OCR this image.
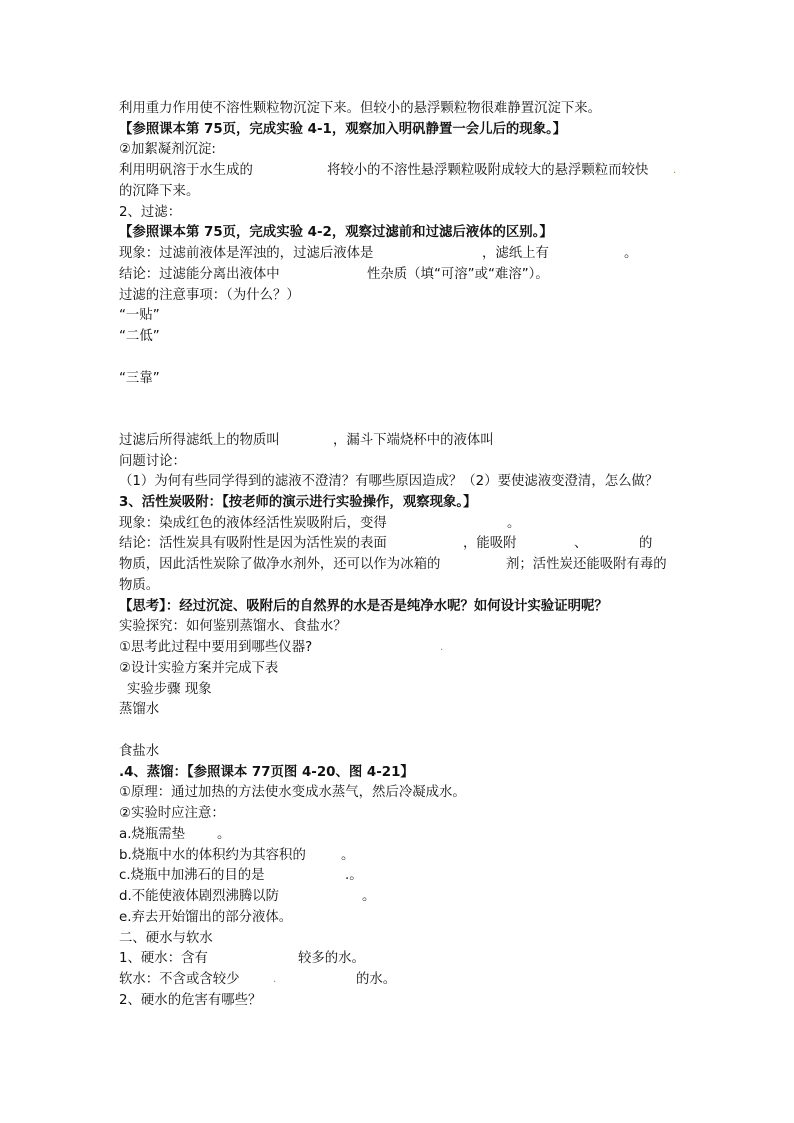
利用重力作用使不溶性颗粒物沉淀下来。但较小的悬浮颗粒物很难静置沉淀下来。
【参照课本第 75页，完成实验 4-1，观察加入明矾静置一会儿后的现象。】
②加絮凝剂沉淀:
利用明矾溶于水生成的	将较小的不溶性悬浮颗粒吸附成较大的悬浮颗粒而较快 .
的沉降下来。
2、过滤：
【参照课本第 75页，完成实验 4-2，观察过滤前和过滤后液体的区别。】
现象：过滤前液体是浑浊的，过滤后液体是	，滤纸上有	。
结论：过滤能分离出液体中	性杂质（填“可溶”或“难溶”）。
过滤的注意事项：（为什么？）
“一贴”
“二低”
“三靠”
过滤后所得滤纸上的物质叫	，漏斗下端烧杯中的液体叫
问题讨论：
（1）为何有些同学得到的滤液不澄清？有哪些原因造成？（2）要使滤液变澄清，怎么做？
3、活性炭吸附：【按老师的演示进行实验操作，观察现象。】
现象：染成红色的液体经活性炭吸附后，变得	。
结论：活性炭具有吸附性是因为活性炭的表面	，能吸附	、	的
物质，因此活性炭除了做净水剂外，还可以作为冰箱的	剂；活性炭还能吸附有毒的
物质。
【思考】：经过沉淀、吸附后的自然界的水是否是纯净水呢？如何设计实验证明呢？
实验探究：如何鉴别蒸馏水、食盐水？
①思考此过程中要用到哪些仪器?	.
②设计实验方案并完成下表
实验步骤 现象
蒸馏水
食盐水
.4、蒸馏：【参照课本 77页图 4-20、图 4-21】
①原理：通过加热的方法使水变成水蒸气，然后冷凝成水。
②实验时应注意：
a.烧瓶需垫 。
b.烧瓶中水的体积约为其容积的	。
c.烧瓶中加沸石的目的是	.。
d.不能使液体剧烈沸腾以防	。
e.弃去开始馏出的部分液体。
二、硬水与软水
1、硬水：含有	较多的水。
软水：不含或含较少	.	的水。
2、硬水的危害有哪些？
